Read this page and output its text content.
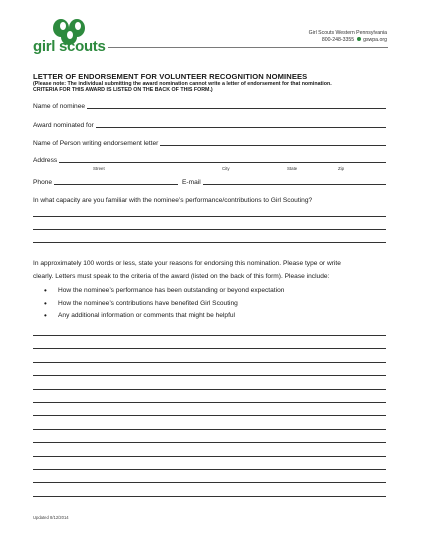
girl scouts
Girl Scouts Western Pennsylvania
800-248-3355 gswpa.org
LETTER OF ENDORSEMENT FOR VOLUNTEER RECOGNITION NOMINEES
(Please note: The individual submitting the award nomination cannot write a letter of endorsement for that nomination.
CRITERIA FOR THIS AWARD IS LISTED ON THE BACK OF THIS FORM.)
Name of nominee
Award nominated for
Name of Person writing endorsement letter
Address
Street	City	State	Zip
Phone	E-mail
In what capacity are you familiar with the nominee’s performance/contributions to Girl Scouting?
In approximately 100 words or less, state your reasons for endorsing this nomination. Please type or write
clearly. Letters must speak to the criteria of the award (listed on the back of this form). Please include:
• How the nominee’s performance has been outstanding or beyond expectation
• How the nominee’s contributions have benefited Girl Scouting
• Any additional information or comments that might be helpful
Updated 8/12/2014
